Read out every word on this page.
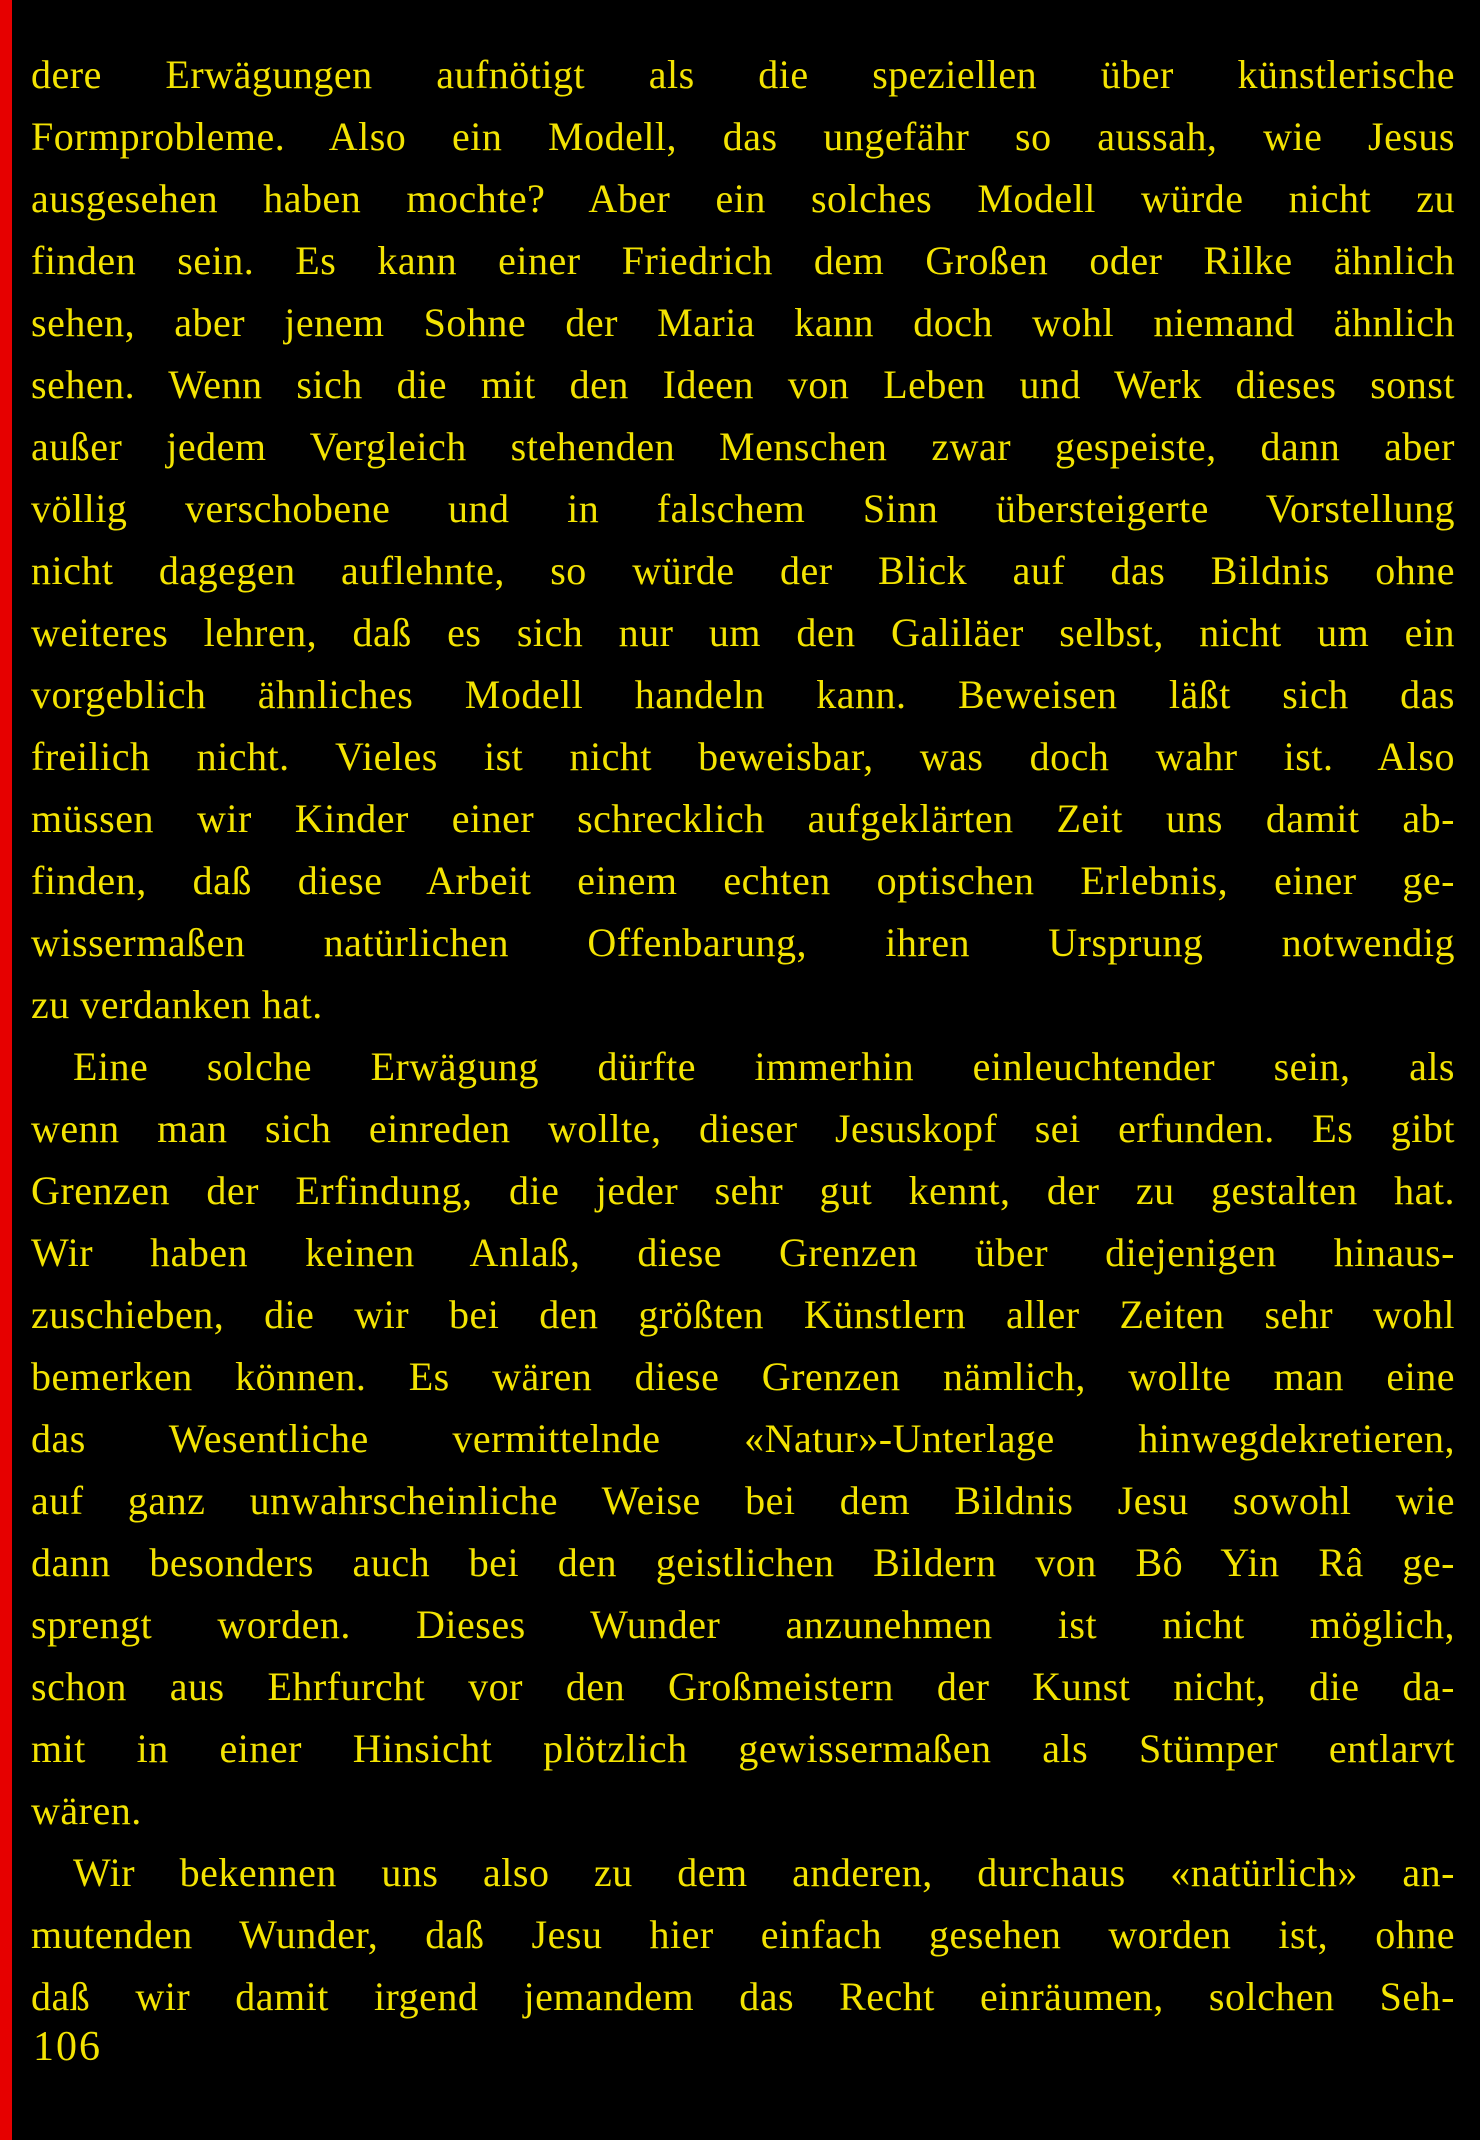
dere Erwägungen aufnötigt als die speziellen über künstlerische
Formprobleme. Also ein Modell, das ungefähr so aussah, wie Jesus
ausgesehen haben mochte? Aber ein solches Modell würde nicht zu
finden sein. Es kann einer Friedrich dem Großen oder Rilke ähnlich
sehen, aber jenem Sohne der Maria kann doch wohl niemand ähnlich
sehen. Wenn sich die mit den Ideen von Leben und Werk dieses sonst
außer jedem Vergleich stehenden Menschen zwar gespeiste, dann aber
völlig verschobene und in falschem Sinn übersteigerte Vorstellung
nicht dagegen auflehnte, so würde der Blick auf das Bildnis ohne
weiteres lehren, daß es sich nur um den Galiläer selbst, nicht um ein
vorgeblich ähnliches Modell handeln kann. Beweisen läßt sich das
freilich nicht. Vieles ist nicht beweisbar, was doch wahr ist. Also
müssen wir Kinder einer schrecklich aufgeklärten Zeit uns damit ab-
finden, daß diese Arbeit einem echten optischen Erlebnis, einer ge-
wissermaßen natürlichen Offenbarung, ihren Ursprung notwendig
zu verdanken hat.
Eine solche Erwägung dürfte immerhin einleuchtender sein, als
wenn man sich einreden wollte, dieser Jesuskopf sei erfunden. Es gibt
Grenzen der Erfindung, die jeder sehr gut kennt, der zu gestalten hat.
Wir haben keinen Anlaß, diese Grenzen über diejenigen hinaus-
zuschieben, die wir bei den größten Künstlern aller Zeiten sehr wohl
bemerken können. Es wären diese Grenzen nämlich, wollte man eine
das Wesentliche vermittelnde «Natur»-Unterlage hinwegdekretieren,
auf ganz unwahrscheinliche Weise bei dem Bildnis Jesu sowohl wie
dann besonders auch bei den geistlichen Bildern von Bô Yin Râ ge-
sprengt worden. Dieses Wunder anzunehmen ist nicht möglich,
schon aus Ehrfurcht vor den Großmeistern der Kunst nicht, die da-
mit in einer Hinsicht plötzlich gewissermaßen als Stümper entlarvt
wären.
Wir bekennen uns also zu dem anderen, durchaus «natürlich» an-
mutenden Wunder, daß Jesu hier einfach gesehen worden ist, ohne
daß wir damit irgend jemandem das Recht einräumen, solchen Seh-
106
